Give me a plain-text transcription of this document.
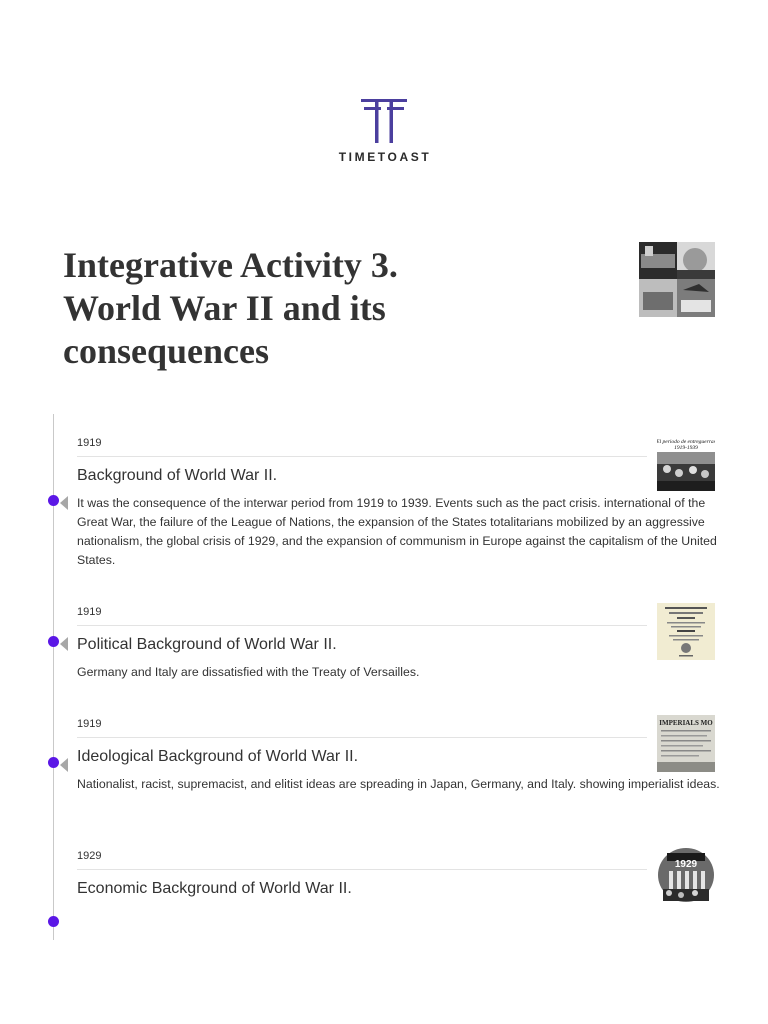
TIMETOAST
Integrative Activity 3. World War II and its consequences
1919
Background of World War II.
It was the consequence of the interwar period from 1919 to 1939. Events such as the pact crisis. international of the Great War, the failure of the League of Nations, the expansion of the States totalitarians mobilized by an aggressive nationalism, the global crisis of 1929, and the expansion of communism in Europe against the capitalism of the United States.
El periodo de entreguerras
1919-1939
1919
Political Background of World War II.
Germany and Italy are dissatisfied with the Treaty of Versailles.
1919
Ideological Background of World War II.
Nationalist, racist, supremacist, and elitist ideas are spreading in Japan, Germany, and Italy. showing imperialist ideas.
IMPERIALS MO
1929
Economic Background of World War II.
1929
